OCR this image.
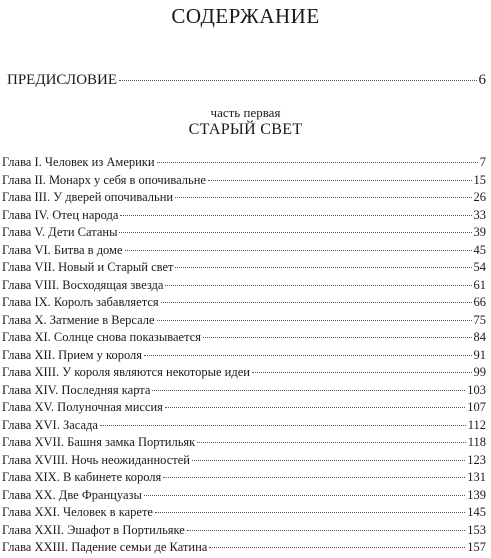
СОДЕРЖАНИЕ
ПРЕДИСЛОВИЕ	6
часть первая
СТАРЫЙ СВЕТ
Глава I. Человек из Америки	7
Глава II. Монарх у себя в опочивальне	15
Глава III. У дверей опочивальни	26
Глава IV. Отец народа	33
Глава V. Дети Сатаны	39
Глава VI. Битва в доме	45
Глава VII. Новый и Старый свет	54
Глава VIII. Восходящая звезда	61
Глава IX. Королъ забавляется	66
Глава X. Затмение в Версале	75
Глава XI. Солнце снова показывается	84
Глава XII. Прием у короля	91
Глава XIII. У короля являются некоторые идеи	99
Глава XIV. Последняя карта	103
Глава XV. Полуночная миссия	107
Глава XVI. Засада	112
Глава XVII. Башня замка Портильяк	118
Глава XVIII. Ночь неожиданностей	123
Глава XIX. В кабинете короля	131
Глава XX. Две Француазы	139
Глава XXI. Человек в карете	145
Глава XXII. Эшафот в Портильяке	153
Глава XXIII. Падение семьи де Катина	157
